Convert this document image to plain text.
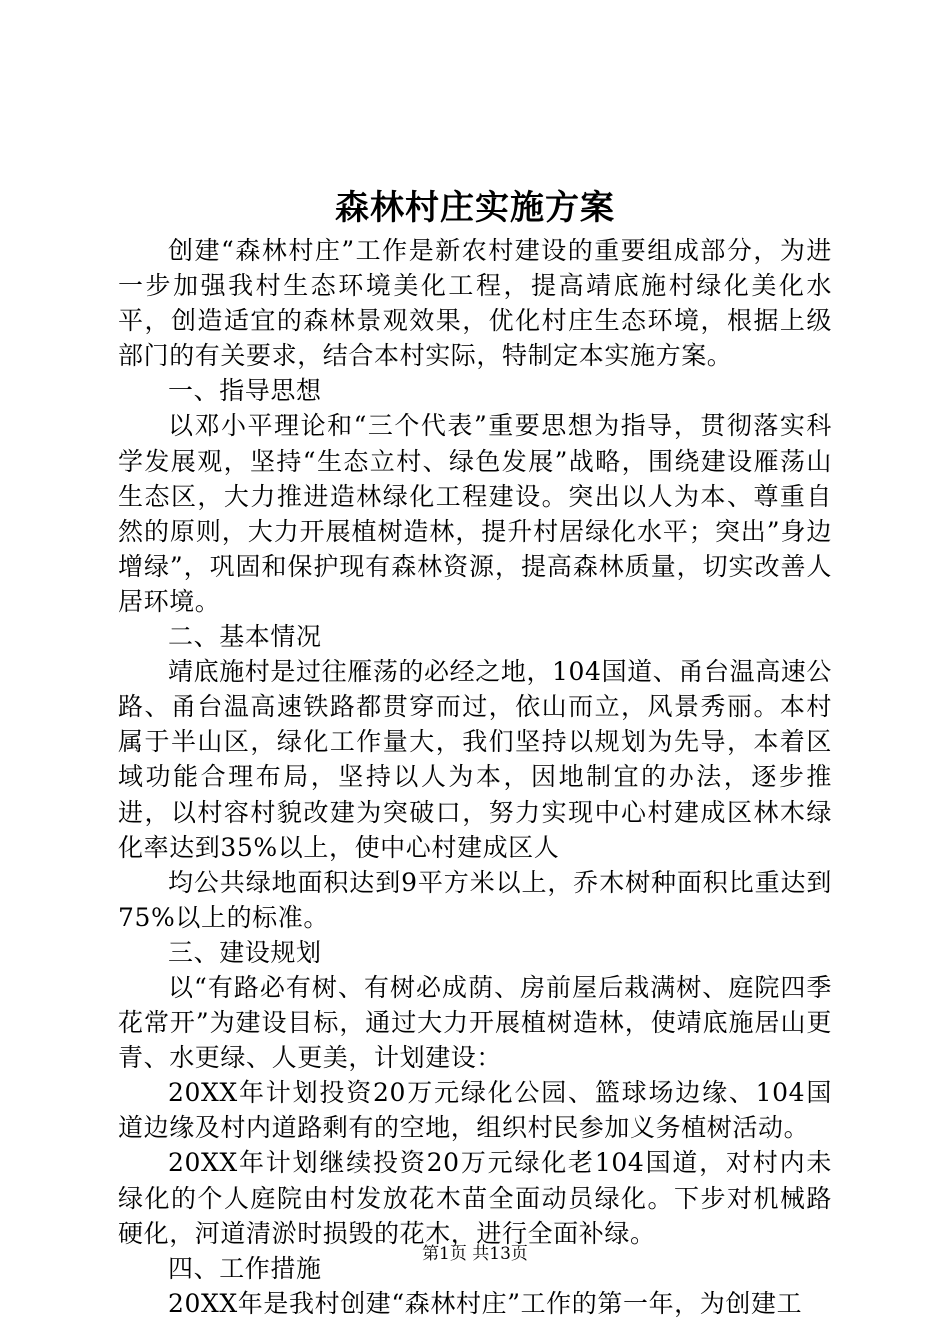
森林村庄实施方案

创建“森林村庄”工作是新农村建设的重要组成部分，为进一步加强我村生态环境美化工程，提高靖底施村绿化美化水平，创造适宜的森林景观效果，优化村庄生态环境，根据上级部门的有关要求，结合本村实际，特制定本实施方案。

一、指导思想

以邓小平理论和“三个代表”重要思想为指导，贯彻落实科学发展观，坚持“生态立村、绿色发展”战略，围绕建设雁荡山生态区，大力推进造林绿化工程建设。突出以人为本、尊重自然的原则，大力开展植树造林，提升村居绿化水平；突出”身边增绿”，巩固和保护现有森林资源，提高森林质量，切实改善人居环境。

二、基本情况

靖底施村是过往雁荡的必经之地，104国道、甬台温高速公路、甬台温高速铁路都贯穿而过，依山而立，风景秀丽。本村属于半山区，绿化工作量大，我们坚持以规划为先导，本着区域功能合理布局，坚持以人为本，因地制宜的办法，逐步推进，以村容村貌改建为突破口，努力实现中心村建成区林木绿化率达到35%以上，使中心村建成区人

均公共绿地面积达到9平方米以上，乔木树种面积比重达到75%以上的标准。

三、建设规划

以“有路必有树、有树必成荫、房前屋后栽满树、庭院四季花常开”为建设目标，通过大力开展植树造林，使靖底施居山更青、水更绿、人更美，计划建设：

20XX年计划投资20万元绿化公园、篮球场边缘、104国道边缘及村内道路剩有的空地，组织村民参加义务植树活动。

20XX年计划继续投资20万元绿化老104国道，对村内未绿化的个人庭院由村发放花木苗全面动员绿化。下步对机械路硬化，河道清淤时损毁的花木，进行全面补绿。

四、工作措施

20XX年是我村创建“森林村庄”工作的第一年，为创建工

第1页 共13页
